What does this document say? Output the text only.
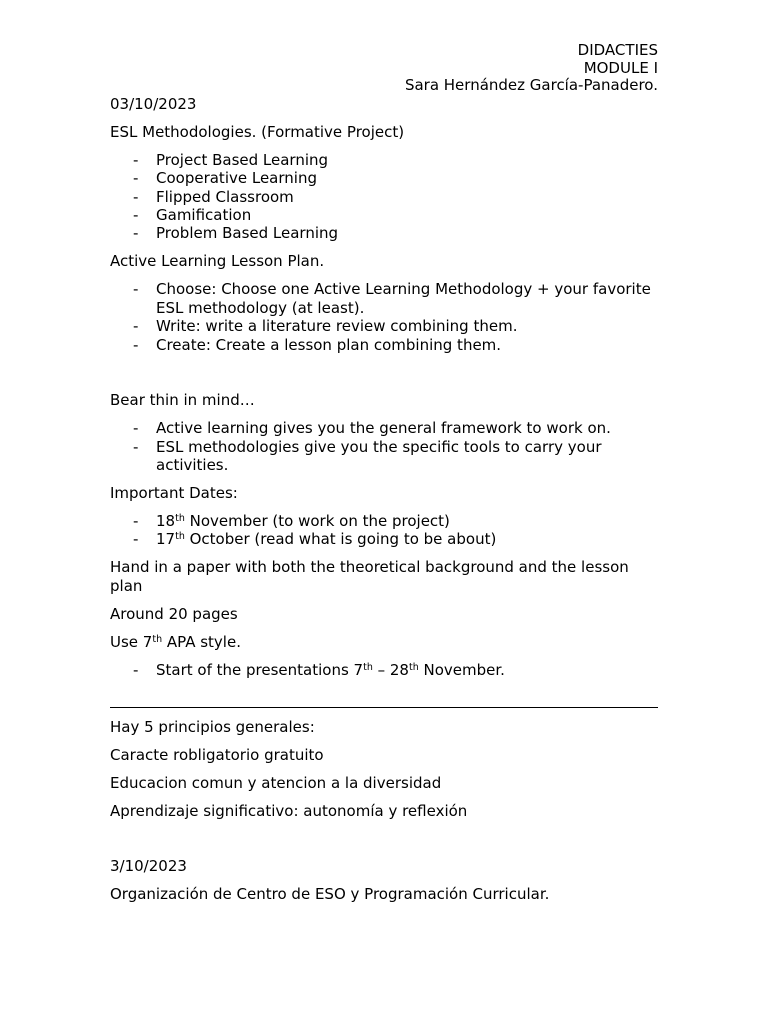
DIDACTIES
MODULE I
Sara Hernández García-Panadero.

03/10/2023

ESL Methodologies. (Formative Project)

- Project Based Learning
- Cooperative Learning
- Flipped Classroom
- Gamification
- Problem Based Learning

Active Learning Lesson Plan.

- Choose: Choose one Active Learning Methodology + your favorite ESL methodology (at least).
- Write: write a literature review combining them.
- Create: Create a lesson plan combining them.

Bear thin in mind…

- Active learning gives you the general framework to work on.
- ESL methodologies give you the specific tools to carry your activities.

Important Dates:

- 18th November (to work on the project)
- 17th October (read what is going to be about)

Hand in a paper with both the theoretical background and the lesson plan

Around 20 pages

Use 7th APA style.

- Start of the presentations 7th – 28th November.

Hay 5 principios generales:

Caracte robligatorio gratuito

Educacion comun y atencion a la diversidad

Aprendizaje significativo: autonomía y reflexión

3/10/2023

Organización de Centro de ESO y Programación Curricular.
